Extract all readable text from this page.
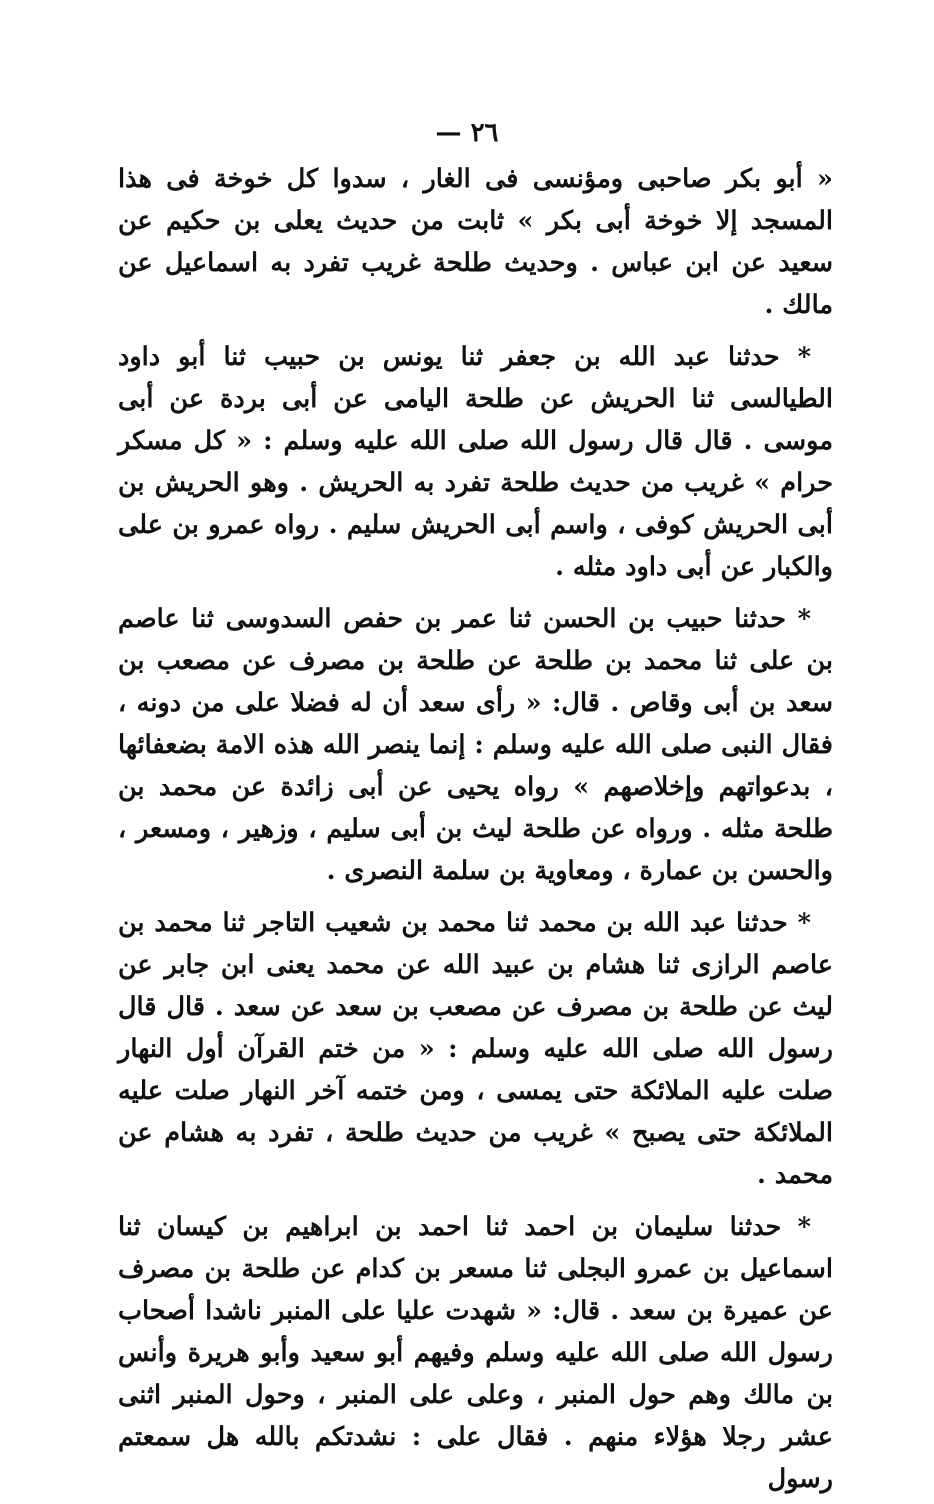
— ٢٦

« أبو بكر صاحبى ومؤنسى فى الغار ، سدوا كل خوخة فى هذا المسجد إلا خوخة أبى بكر » ثابت من حديث يعلى بن حكيم عن سعيد عن ابن عباس . وحديث طلحة غريب تفرد به اسماعيل عن مالك .

* حدثنا عبد الله بن جعفر ثنا يونس بن حبيب ثنا أبو داود الطيالسى ثنا الحريش عن طلحة اليامى عن أبى بردة عن أبى موسى . قال قال رسول الله صلى الله عليه وسلم : « كل مسكر حرام » غريب من حديث طلحة تفرد به الحريش . وهو الحريش بن أبى الحريش كوفى ، واسم أبى الحريش سليم . رواه عمرو بن على والكبار عن أبى داود مثله .

* حدثنا حبيب بن الحسن ثنا عمر بن حفص السدوسى ثنا عاصم بن على ثنا محمد بن طلحة عن طلحة بن مصرف عن مصعب بن سعد بن أبى وقاص . قال: « رأى سعد أن له فضلا على من دونه ، فقال النبى صلى الله عليه وسلم : إنما ينصر الله هذه الامة بضعفائها ، بدعواتهم وإخلاصهم » رواه يحيى عن أبى زائدة عن محمد بن طلحة مثله . ورواه عن طلحة ليث بن أبى سليم ، وزهير ، ومسعر ، والحسن بن عمارة ، ومعاوية بن سلمة النصرى .

* حدثنا عبد الله بن محمد ثنا محمد بن شعيب التاجر ثنا محمد بن عاصم الرازى ثنا هشام بن عبيد الله عن محمد يعنى ابن جابر عن ليث عن طلحة بن مصرف عن مصعب بن سعد عن سعد . قال قال رسول الله صلى الله عليه وسلم : « من ختم القرآن أول النهار صلت عليه الملائكة حتى يمسى ، ومن ختمه آخر النهار صلت عليه الملائكة حتى يصبح » غريب من حديث طلحة ، تفرد به هشام عن محمد .

* حدثنا سليمان بن احمد ثنا احمد بن ابراهيم بن كيسان ثنا اسماعيل بن عمرو البجلى ثنا مسعر بن كدام عن طلحة بن مصرف عن عميرة بن سعد . قال: « شهدت عليا على المنبر ناشدا أصحاب رسول الله صلى الله عليه وسلم وفيهم أبو سعيد وأبو هريرة وأنس بن مالك وهم حول المنبر ، وعلى على المنبر ، وحول المنبر اثنى عشر رجلا هؤلاء منهم . فقال على : نشدتكم بالله هل سمعتم رسول
